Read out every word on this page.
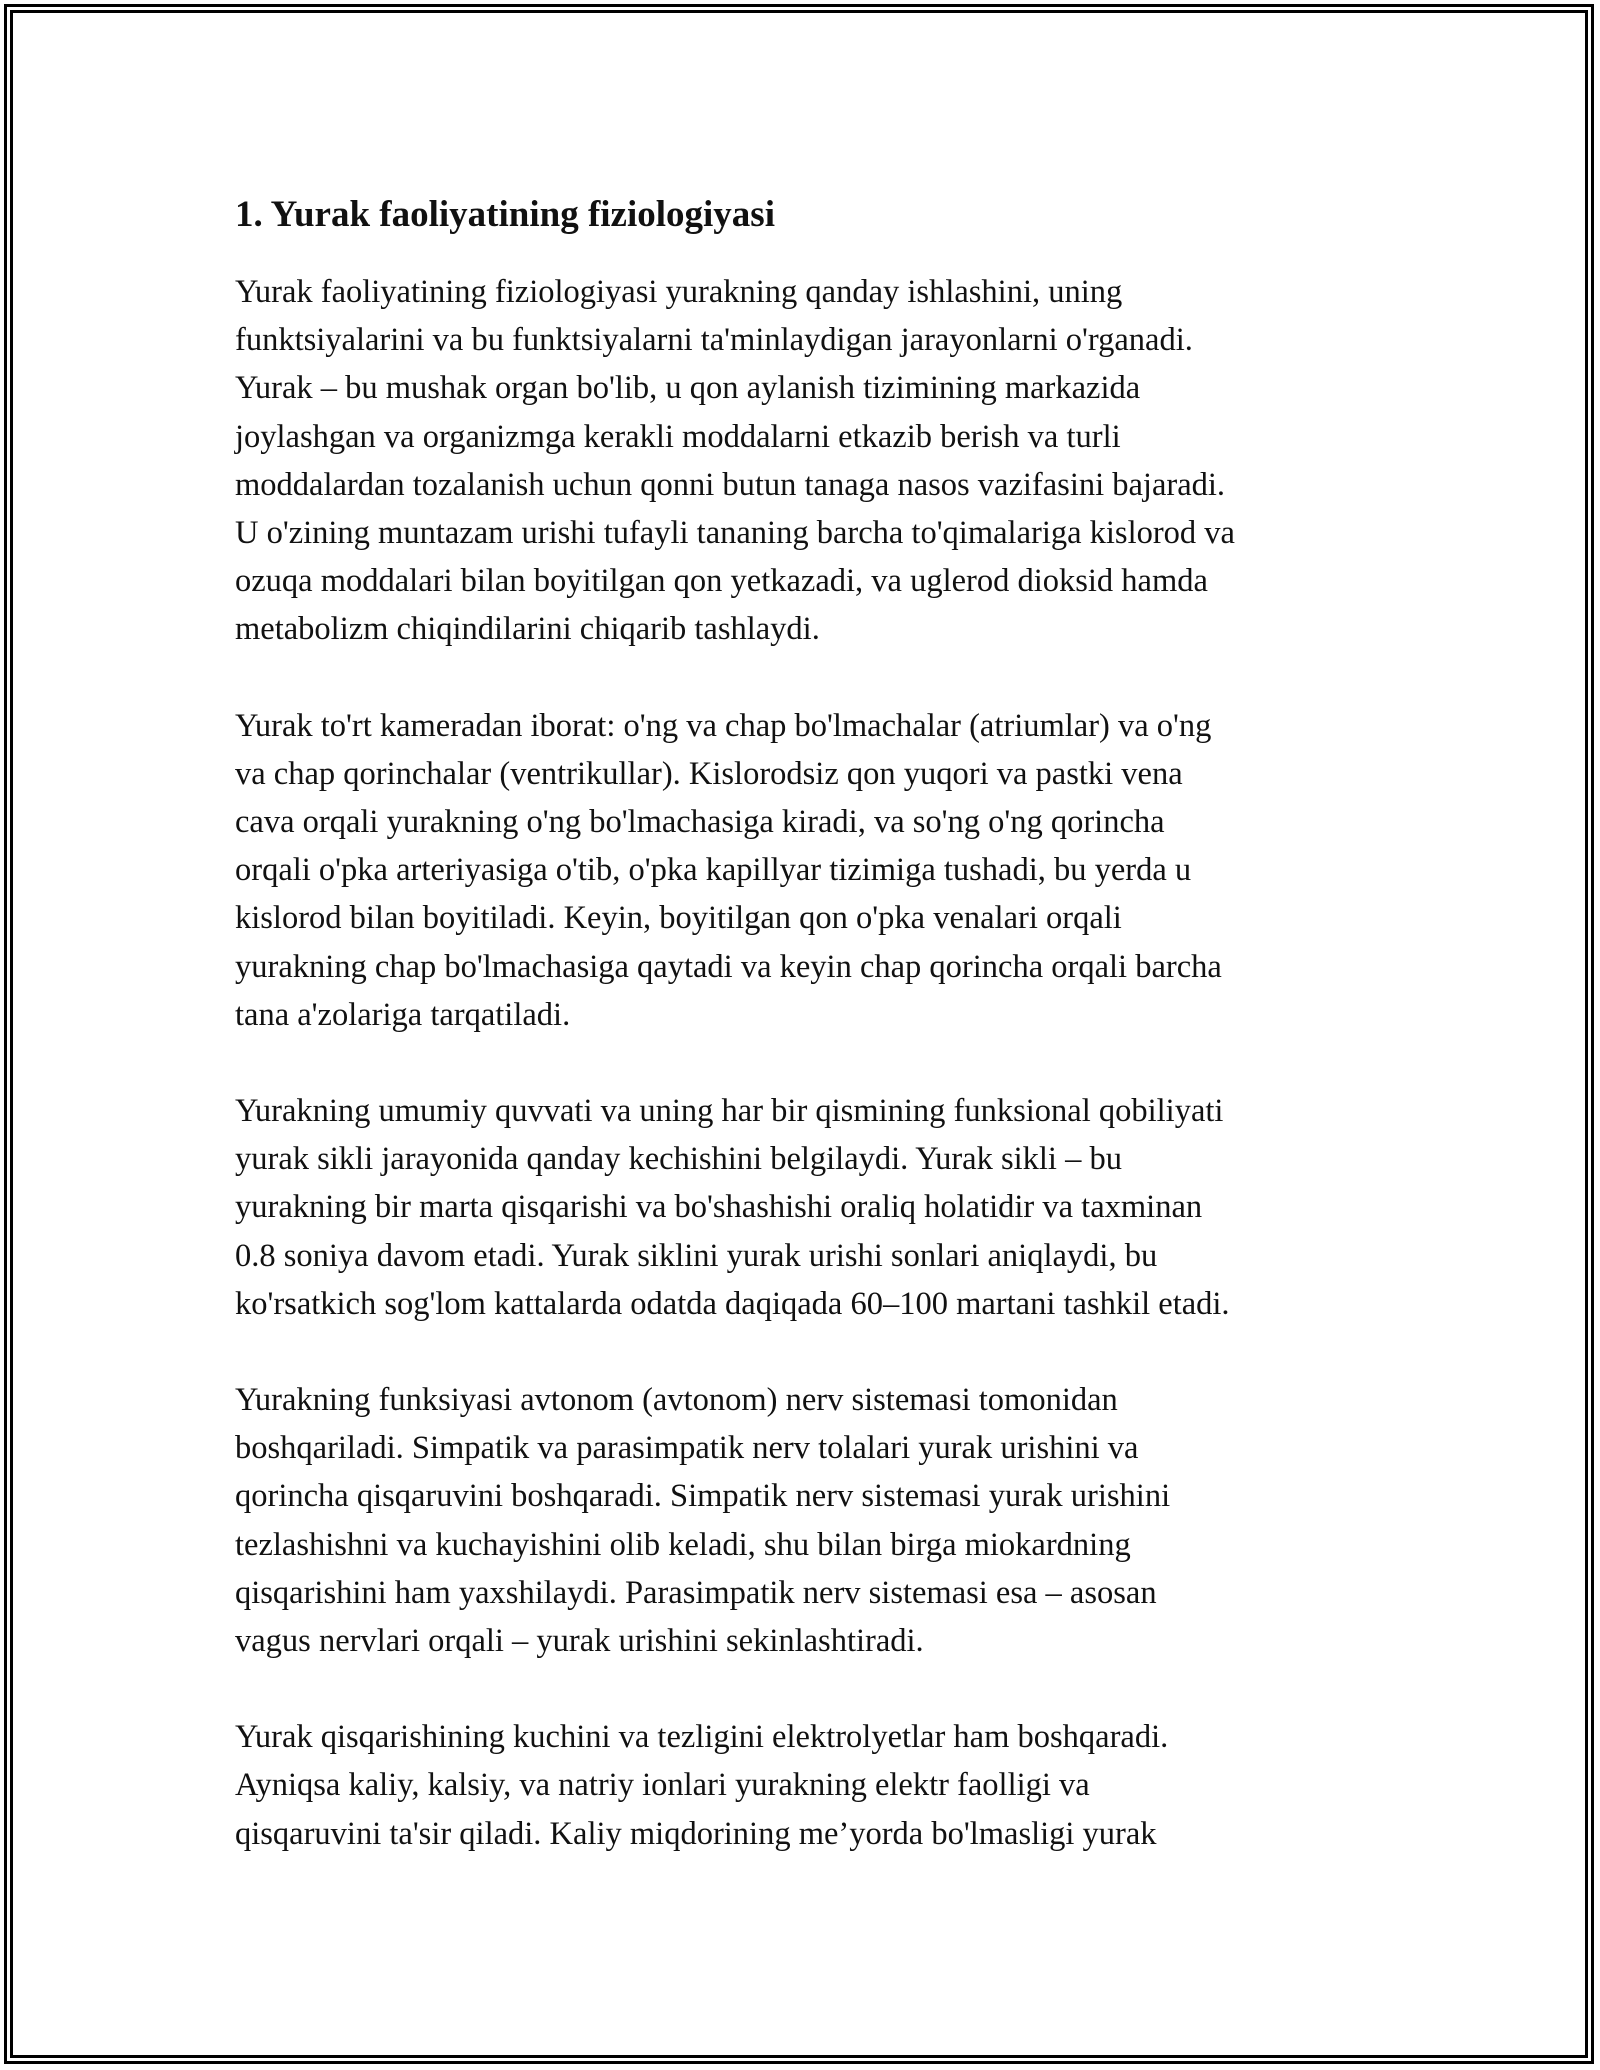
1. Yurak faoliyatining fiziologiyasi

Yurak faoliyatining fiziologiyasi yurakning qanday ishlashini, uning
funktsiyalarini va bu funktsiyalarni ta'minlaydigan jarayonlarni o'rganadi.
Yurak – bu mushak organ bo'lib, u qon aylanish tizimining markazida
joylashgan va organizmga kerakli moddalarni etkazib berish va turli
moddalardan tozalanish uchun qonni butun tanaga nasos vazifasini bajaradi.
U o'zining muntazam urishi tufayli tananing barcha to'qimalariga kislorod va
ozuqa moddalari bilan boyitilgan qon yetkazadi, va uglerod dioksid hamda
metabolizm chiqindilarini chiqarib tashlaydi.

Yurak to'rt kameradan iborat: o'ng va chap bo'lmachalar (atriumlar) va o'ng
va chap qorinchalar (ventrikullar). Kislorodsiz qon yuqori va pastki vena
cava orqali yurakning o'ng bo'lmachasiga kiradi, va so'ng o'ng qorincha
orqali o'pka arteriyasiga o'tib, o'pka kapillyar tizimiga tushadi, bu yerda u
kislorod bilan boyitiladi. Keyin, boyitilgan qon o'pka venalari orqali
yurakning chap bo'lmachasiga qaytadi va keyin chap qorincha orqali barcha
tana a'zolariga tarqatiladi.

Yurakning umumiy quvvati va uning har bir qismining funksional qobiliyati
yurak sikli jarayonida qanday kechishini belgilaydi. Yurak sikli – bu
yurakning bir marta qisqarishi va bo'shashishi oraliq holatidir va taxminan
0.8 soniya davom etadi. Yurak siklini yurak urishi sonlari aniqlaydi, bu
ko'rsatkich sog'lom kattalarda odatda daqiqada 60–100 martani tashkil etadi.

Yurakning funksiyasi avtonom (avtonom) nerv sistemasi tomonidan
boshqariladi. Simpatik va parasimpatik nerv tolalari yurak urishini va
qorincha qisqaruvini boshqaradi. Simpatik nerv sistemasi yurak urishini
tezlashishni va kuchayishini olib keladi, shu bilan birga miokardning
qisqarishini ham yaxshilaydi. Parasimpatik nerv sistemasi esa – asosan
vagus nervlari orqali – yurak urishini sekinlashtiradi.

Yurak qisqarishining kuchini va tezligini elektrolyetlar ham boshqaradi.
Ayniqsa kaliy, kalsiy, va natriy ionlari yurakning elektr faolligi va
qisqaruvini ta'sir qiladi. Kaliy miqdorining me’yorda bo'lmasligi yurak
